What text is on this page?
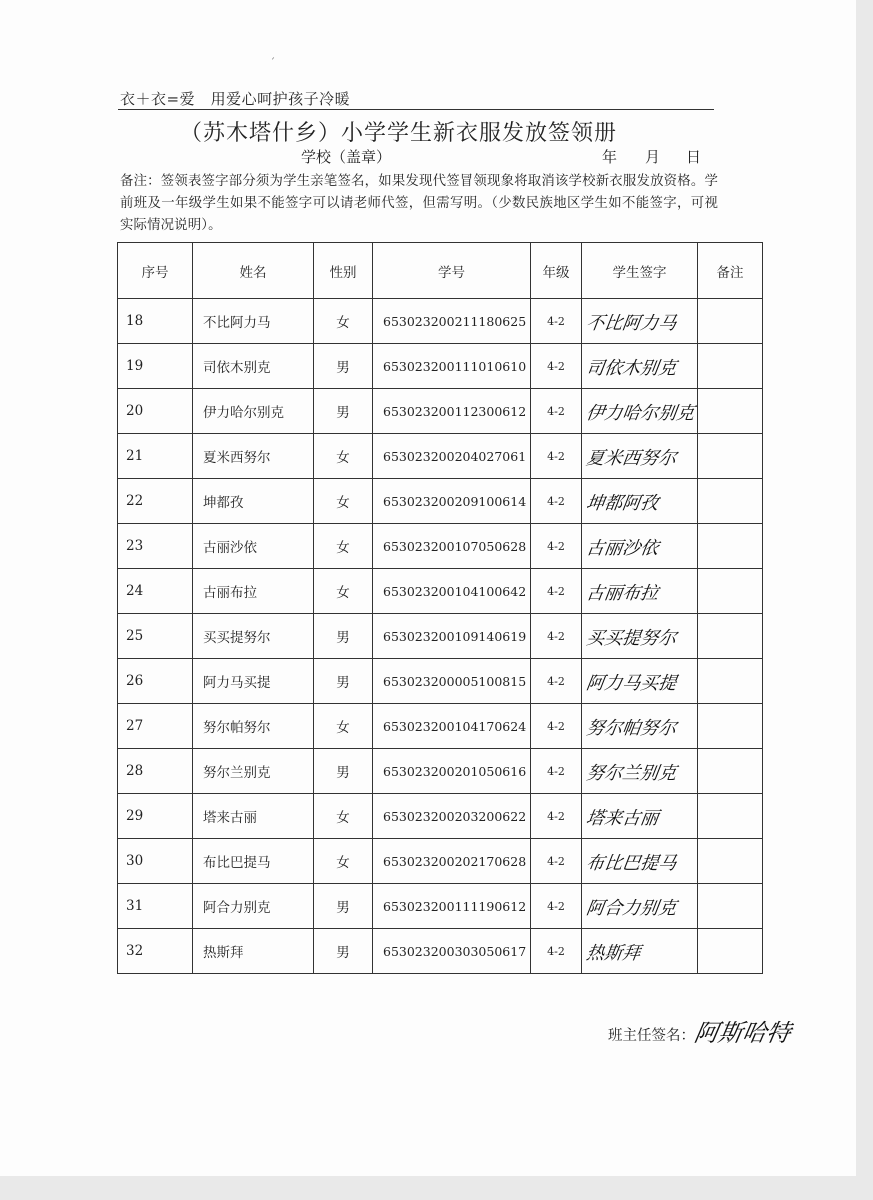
ˊ
衣＋衣=爱　用爱心呵护孩子冷暖
（苏木塔什乡）小学学生新衣服发放签领册
学校（盖章）	年 月 日
备注：签领表签字部分须为学生亲笔签名，如果发现代签冒领现象将取消该学校新衣服发放资格。学前班及一年级学生如果不能签字可以请老师代签，但需写明。（少数民族地区学生如不能签字，可视实际情况说明）。
序号	姓名	性别	学号	年级	学生签字	备注
18	不比阿力马	女	653023200211180625	4-2	不比阿力马	
19	司依木别克	男	653023200111010610	4-2	司依木别克	
20	伊力哈尔别克	男	653023200112300612	4-2	伊力哈尔别克	
21	夏米西努尔	女	653023200204027061	4-2	夏米西努尔	
22	坤都孜	女	653023200209100614	4-2	坤都阿孜	
23	古丽沙依	女	653023200107050628	4-2	古丽沙依	
24	古丽布拉	女	653023200104100642	4-2	古丽布拉	
25	买买提努尔	男	653023200109140619	4-2	买买提努尔	
26	阿力马买提	男	653023200005100815	4-2	阿力马买提	
27	努尔帕努尔	女	653023200104170624	4-2	努尔帕努尔	
28	努尔兰别克	男	653023200201050616	4-2	努尔兰别克	
29	塔来古丽	女	653023200203200622	4-2	塔来古丽	
30	布比巴提马	女	653023200202170628	4-2	布比巴提马	
31	阿合力别克	男	653023200111190612	4-2	阿合力别克	
32	热斯拜	男	653023200303050617	4-2	热斯拜	
班主任签名：
阿斯哈特
